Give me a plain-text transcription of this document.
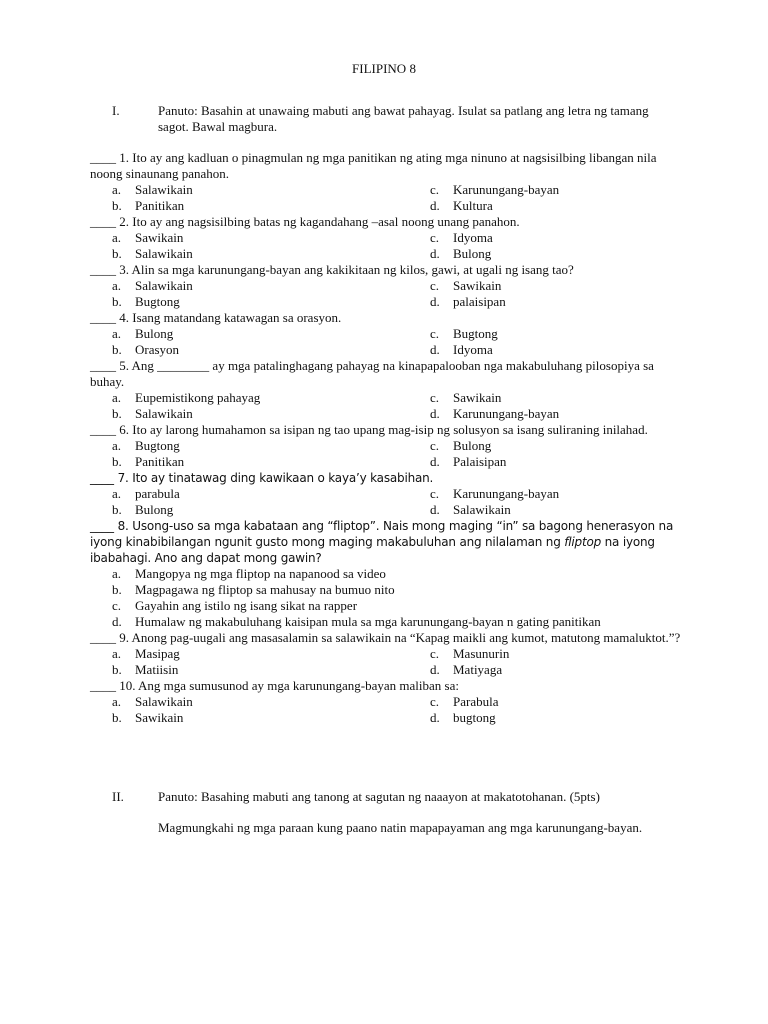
FILIPINO 8
I.	Panuto: Basahin at unawaing mabuti ang bawat pahayag. Isulat sa patlang ang letra ng tamang sagot. Bawal magbura.
____ 1. Ito ay ang kadluan o pinagmulan ng mga panitikan ng ating mga ninuno at nagsisilbing libangan nila noong sinaunang panahon.
a.	Salawikain	c.	Karunungang-bayan
b.	Panitikan	d.	Kultura
____ 2. Ito ay ang nagsisilbing batas ng kagandahang –asal noong unang panahon.
a.	Sawikain	c.	Idyoma
b.	Salawikain	d.	Bulong
____ 3. Alin sa mga karunungang-bayan ang kakikitaan ng kilos, gawi, at ugali ng isang tao?
a.	Salawikain	c.	Sawikain
b.	Bugtong	d.	palaisipan
____ 4. Isang matandang katawagan sa orasyon.
a.	Bulong	c.	Bugtong
b.	Orasyon	d.	Idyoma
____ 5. Ang ________ ay mga patalinghagang pahayag na kinapapalooban nga makabuluhang pilosopiya sa buhay.
a.	Eupemistikong pahayag	c.	Sawikain
b.	Salawikain	d.	Karunungang-bayan
____ 6. Ito ay larong humahamon sa isipan ng tao upang mag-isip ng solusyon sa isang suliraning inilahad.
a.	Bugtong	c.	Bulong
b.	Panitikan	d.	Palaisipan
____ 7. Ito ay tinatawag ding kawikaan o kaya’y kasabihan.
a.	parabula	c.	Karunungang-bayan
b.	Bulong	d.	Salawikain
____ 8. Usong-uso sa mga kabataan ang “fliptop”. Nais mong maging “in” sa bagong henerasyon na iyong kinabibilangan ngunit gusto mong maging makabuluhan ang nilalaman ng fliptop na iyong ibabahagi. Ano ang dapat mong gawin?
a.	Mangopya ng mga fliptop na napanood sa video
b.	Magpagawa ng fliptop sa mahusay na bumuo nito
c.	Gayahin ang istilo ng isang sikat na rapper
d.	Humalaw ng makabuluhang kaisipan mula sa mga karunungang-bayan n gating panitikan
____ 9. Anong pag-uugali ang masasalamin sa salawikain na “Kapag maikli ang kumot, matutong mamaluktot.”?
a.	Masipag	c.	Masunurin
b.	Matiisin	d.	Matiyaga
____ 10. Ang mga sumusunod ay mga karunungang-bayan maliban sa:
a.	Salawikain	c.	Parabula
b.	Sawikain	d.	bugtong
II.	Panuto: Basahing mabuti ang tanong at sagutan ng naaayon at makatotohanan. (5pts)
Magmungkahi ng mga paraan kung paano natin mapapayaman ang mga karunungang-bayan.
